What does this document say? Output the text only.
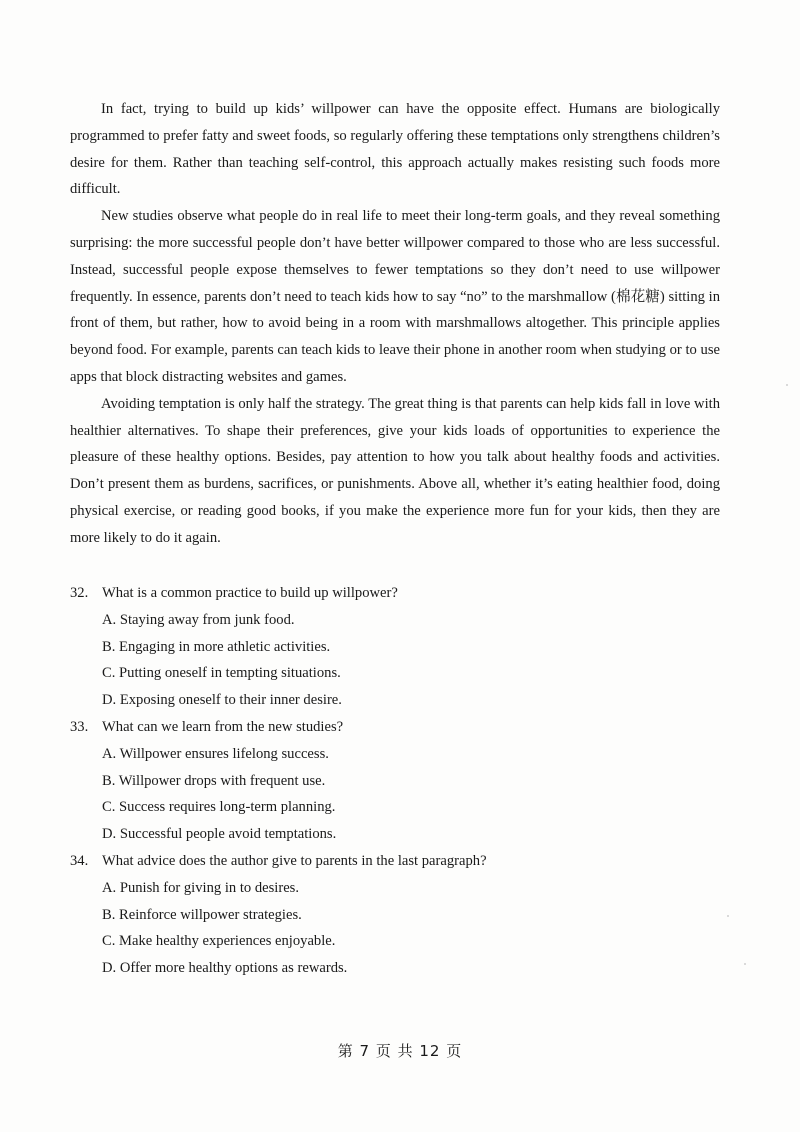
In fact, trying to build up kids’ willpower can have the opposite effect. Humans are biologically programmed to prefer fatty and sweet foods, so regularly offering these temptations only strengthens children’s desire for them. Rather than teaching self-control, this approach actually makes resisting such foods more difficult.

New studies observe what people do in real life to meet their long-term goals, and they reveal something surprising: the more successful people don’t have better willpower compared to those who are less successful. Instead, successful people expose themselves to fewer temptations so they don’t need to use willpower frequently. In essence, parents don’t need to teach kids how to say “no” to the marshmallow (棉花糖) sitting in front of them, but rather, how to avoid being in a room with marshmallows altogether. This principle applies beyond food. For example, parents can teach kids to leave their phone in another room when studying or to use apps that block distracting websites and games.

Avoiding temptation is only half the strategy. The great thing is that parents can help kids fall in love with healthier alternatives. To shape their preferences, give your kids loads of opportunities to experience the pleasure of these healthy options. Besides, pay attention to how you talk about healthy foods and activities. Don’t present them as burdens, sacrifices, or punishments. Above all, whether it’s eating healthier food, doing physical exercise, or reading good books, if you make the experience more fun for your kids, then they are more likely to do it again.

32. What is a common practice to build up willpower?
A. Staying away from junk food.
B. Engaging in more athletic activities.
C. Putting oneself in tempting situations.
D. Exposing oneself to their inner desire.
33. What can we learn from the new studies?
A. Willpower ensures lifelong success.
B. Willpower drops with frequent use.
C. Success requires long-term planning.
D. Successful people avoid temptations.
34. What advice does the author give to parents in the last paragraph?
A. Punish for giving in to desires.
B. Reinforce willpower strategies.
C. Make healthy experiences enjoyable.
D. Offer more healthy options as rewards.
第 7 页 共 12 页
